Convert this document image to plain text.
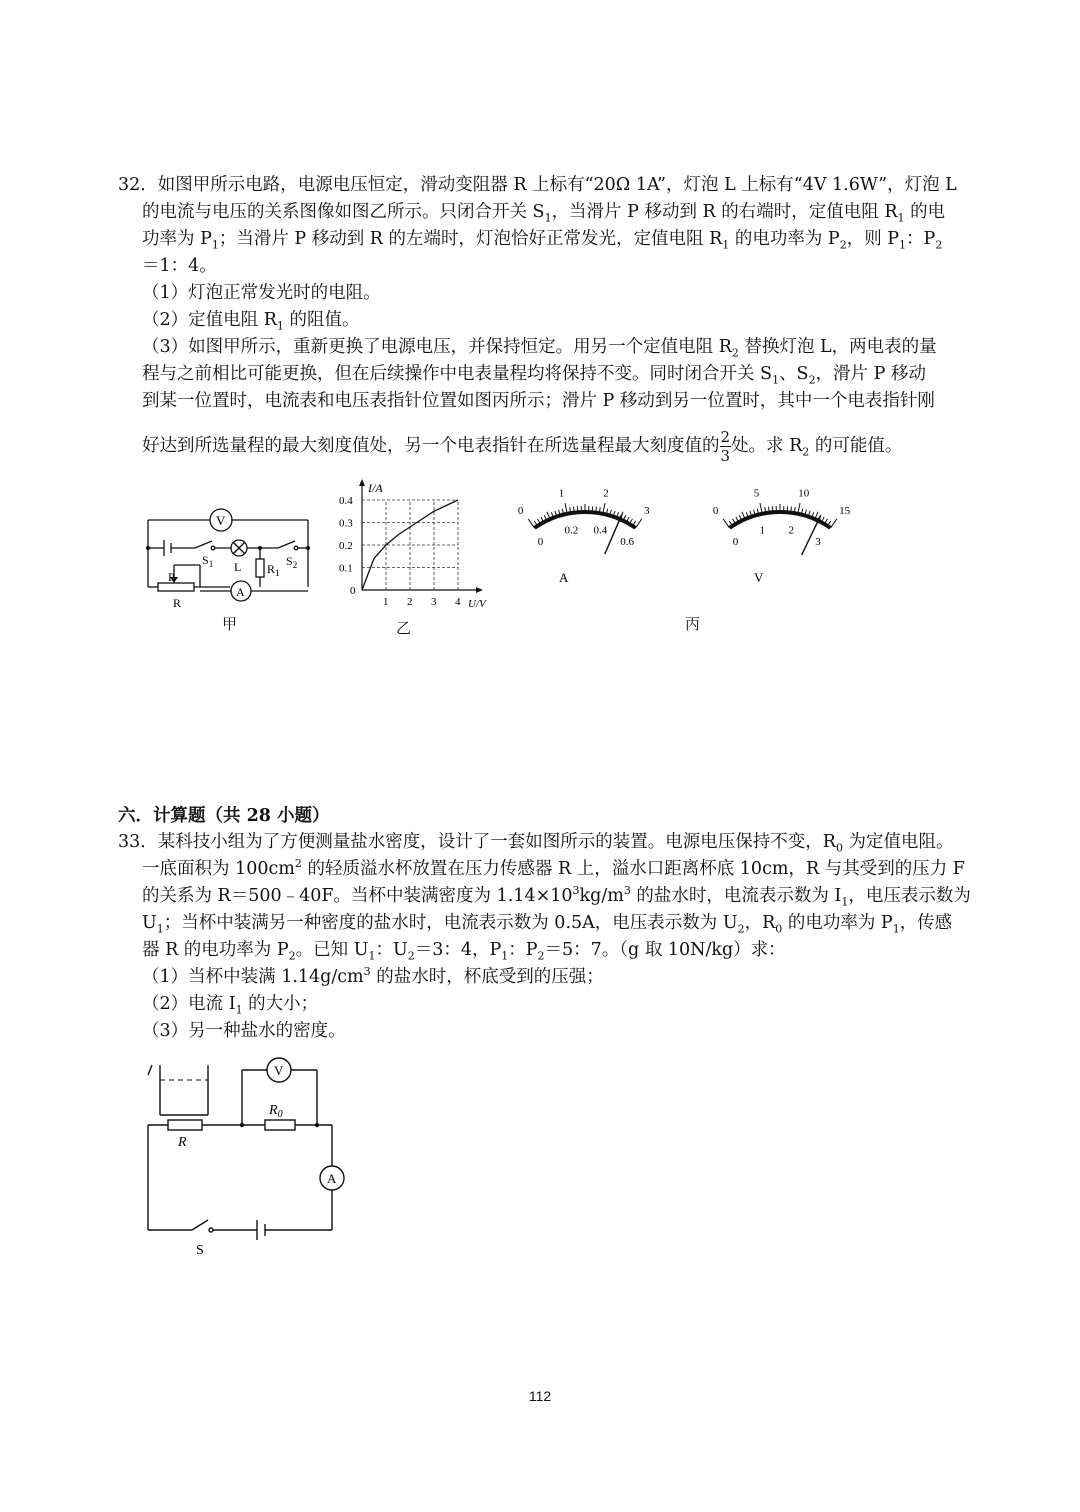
32．如图甲所示电路，电源电压恒定，滑动变阻器 R 上标有“20Ω 1A”，灯泡 L 上标有“4V 1.6W”，灯泡 L
的电流与电压的关系图像如图乙所示。只闭合开关 $S_1$，当滑片 P 移动到 R 的右端时，定值电阻 $R_1$ 的电
功率为 $P_1$；当滑片 P 移动到 R 的左端时，灯泡恰好正常发光，定值电阻 $R_1$ 的电功率为 $P_2$，则 $P_1$：$P_2$
＝1：4。
（1）灯泡正常发光时的电阻。
（2）定值电阻 $R_1$ 的阻值。
（3）如图甲所示，重新更换了电源电压，并保持恒定。用另一个定值电阻 $R_2$ 替换灯泡 L，两电表的量
程与之前相比可能更换，但在后续操作中电表量程均将保持不变。同时闭合开关 $S_1$、$S_2$，滑片 P 移动
到某一位置时，电流表和电压表指针位置如图丙所示；滑片 P 移动到另一位置时，其中一个电表指针刚
好达到所选量程的最大刻度值处，另一个电表指针在所选量程最大刻度值的 $\frac{2}{3}$ 处。求 $R_2$ 的可能值。
V
A
$S_1$ L $R_1$
$S_2$
P
R
甲
1 2 3 4
0.1
0.2
0.3
0.4
0
U/V
I/A
乙
0
1	2
3
0
0.2 0.4
0.6
A
0
5	10
15
0
1 2
3
V
丙
六．计算题（共 28 小题）
33．某科技小组为了方便测量盐水密度，设计了一套如图所示的装置。电源电压保持不变，$R_0$ 为定值电阻。
一底面积为 $100cm^2$ 的轻质溢水杯放置在压力传感器 R 上，溢水口距离杯底 10cm，R 与其受到的压力 F
的关系为 R＝500﹣40F。当杯中装满密度为 $1.14\times 10^3kg/m^3$ 的盐水时，电流表示数为 $I_1$，电压表示数为
$U_1$；当杯中装满另一种密度的盐水时，电流表示数为 0.5A，电压表示数为 $U_2$，$R_0$ 的电功率为 $P_1$，传感
器 R 的电功率为 $P_2$。已知 $U_1$：$U_2=3$：4，$P_1$：$P_2=5$：7。（g 取 10N/kg）求：
（1）当杯中装满 $1.14g/cm^3$ 的盐水时，杯底受到的压强；
（2）电流 $I_1$ 的大小；
（3）另一种盐水的密度。
V
$R_0$
R
A
S
112
